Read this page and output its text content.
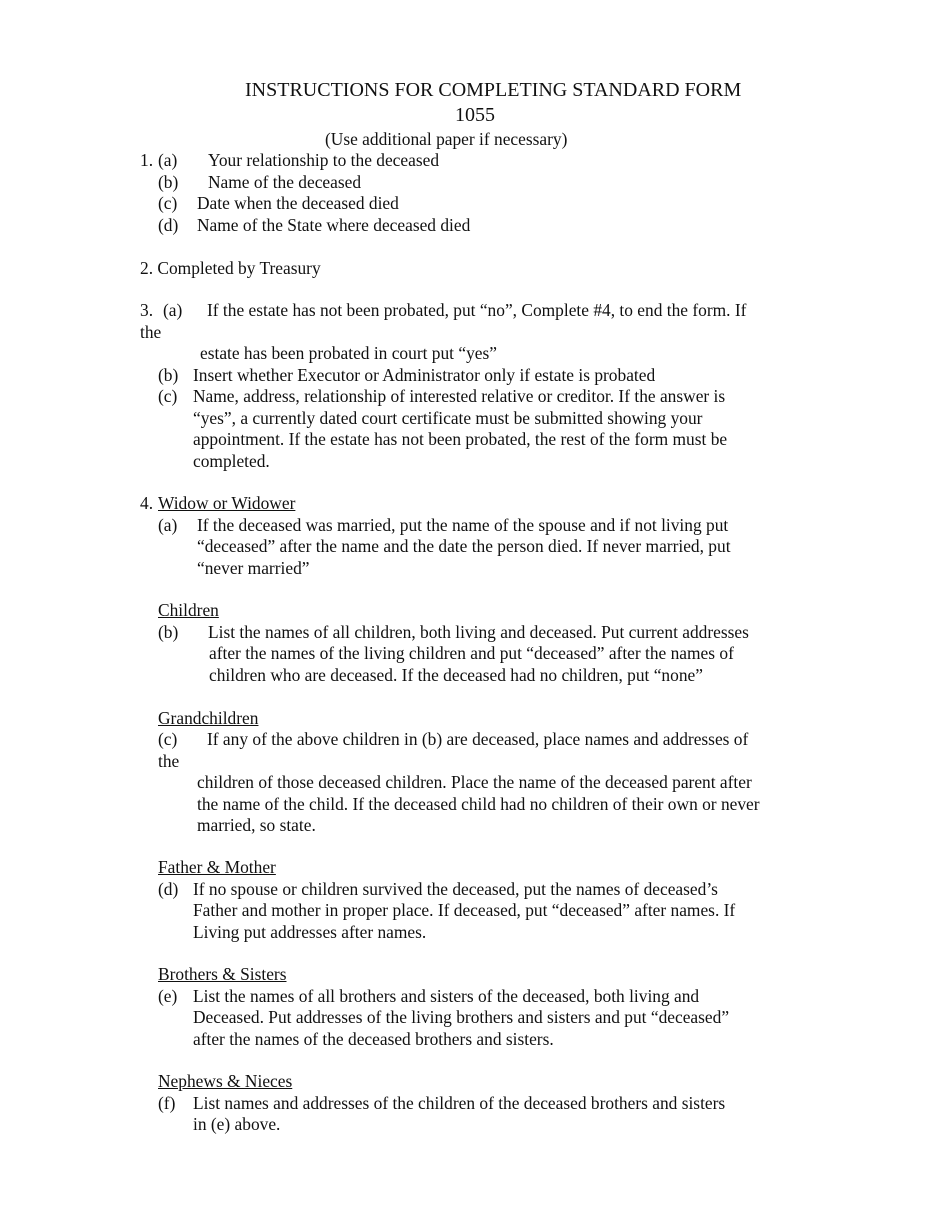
INSTRUCTIONS FOR COMPLETING STANDARD FORM
1055
(Use additional paper if necessary)
1. (a) Your relationship to the deceased
(b) Name of the deceased
(c) Date when the deceased died
(d) Name of the State where deceased died
2. Completed by Treasury
3. (a) If the estate has not been probated, put “no”, Complete #4, to end the form. If
the
estate has been probated in court put “yes”
(b) Insert whether Executor or Administrator only if estate is probated
(c) Name, address, relationship of interested relative or creditor. If the answer is
“yes”, a currently dated court certificate must be submitted showing your
appointment. If the estate has not been probated, the rest of the form must be
completed.
4. Widow or Widower
(a) If the deceased was married, put the name of the spouse and if not living put
“deceased” after the name and the date the person died. If never married, put
“never married”
Children
(b) List the names of all children, both living and deceased. Put current addresses
after the names of the living children and put “deceased” after the names of
children who are deceased. If the deceased had no children, put “none”
Grandchildren
(c) If any of the above children in (b) are deceased, place names and addresses of
the
children of those deceased children. Place the name of the deceased parent after
the name of the child. If the deceased child had no children of their own or never
married, so state.
Father & Mother
(d) If no spouse or children survived the deceased, put the names of deceased’s
Father and mother in proper place. If deceased, put “deceased” after names. If
Living put addresses after names.
Brothers & Sisters
(e) List the names of all brothers and sisters of the deceased, both living and
Deceased. Put addresses of the living brothers and sisters and put “deceased”
after the names of the deceased brothers and sisters.
Nephews & Nieces
(f) List names and addresses of the children of the deceased brothers and sisters
in (e) above.
